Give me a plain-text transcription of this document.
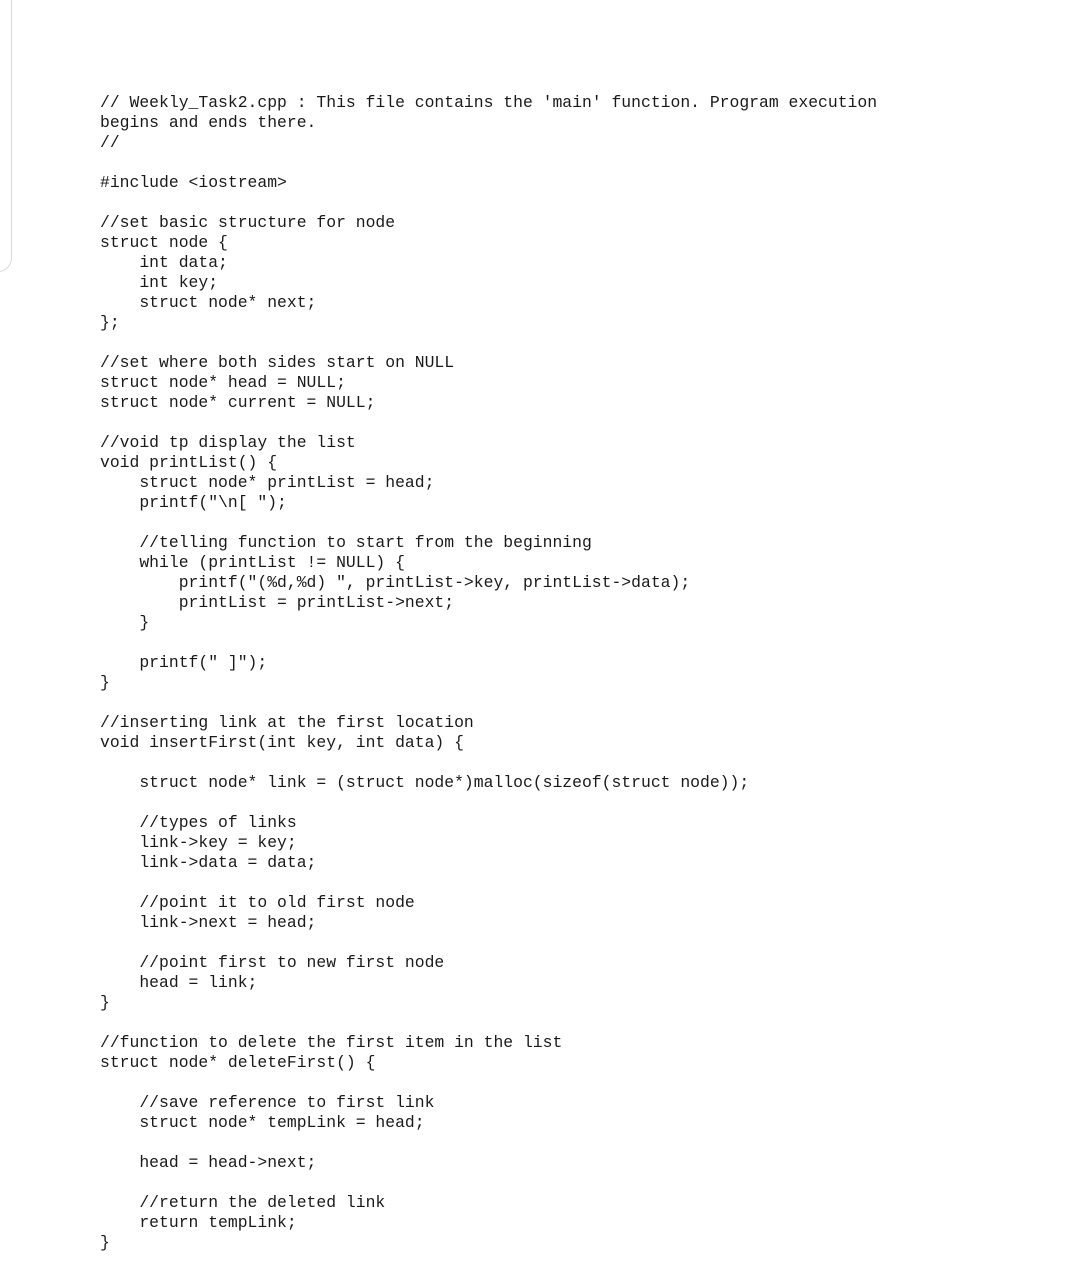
// Weekly_Task2.cpp : This file contains the 'main' function. Program execution
begins and ends there.
//
#include <iostream>
//set basic structure for node
struct node {
int data;
int key;
struct node* next;
};
//set where both sides start on NULL
struct node* head = NULL;
struct node* current = NULL;
//void tp display the list
void printList() {
struct node* printList = head;
printf("\n[ ");
//telling function to start from the beginning
while (printList != NULL) {
printf("(%d,%d) ", printList->key, printList->data);
printList = printList->next;
}
printf(" ]");
}
//inserting link at the first location
void insertFirst(int key, int data) {
struct node* link = (struct node*)malloc(sizeof(struct node));
//types of links
link->key = key;
link->data = data;
//point it to old first node
link->next = head;
//point first to new first node
head = link;
}
//function to delete the first item in the list
struct node* deleteFirst() {
//save reference to first link
struct node* tempLink = head;
head = head->next;
//return the deleted link
return tempLink;
}
